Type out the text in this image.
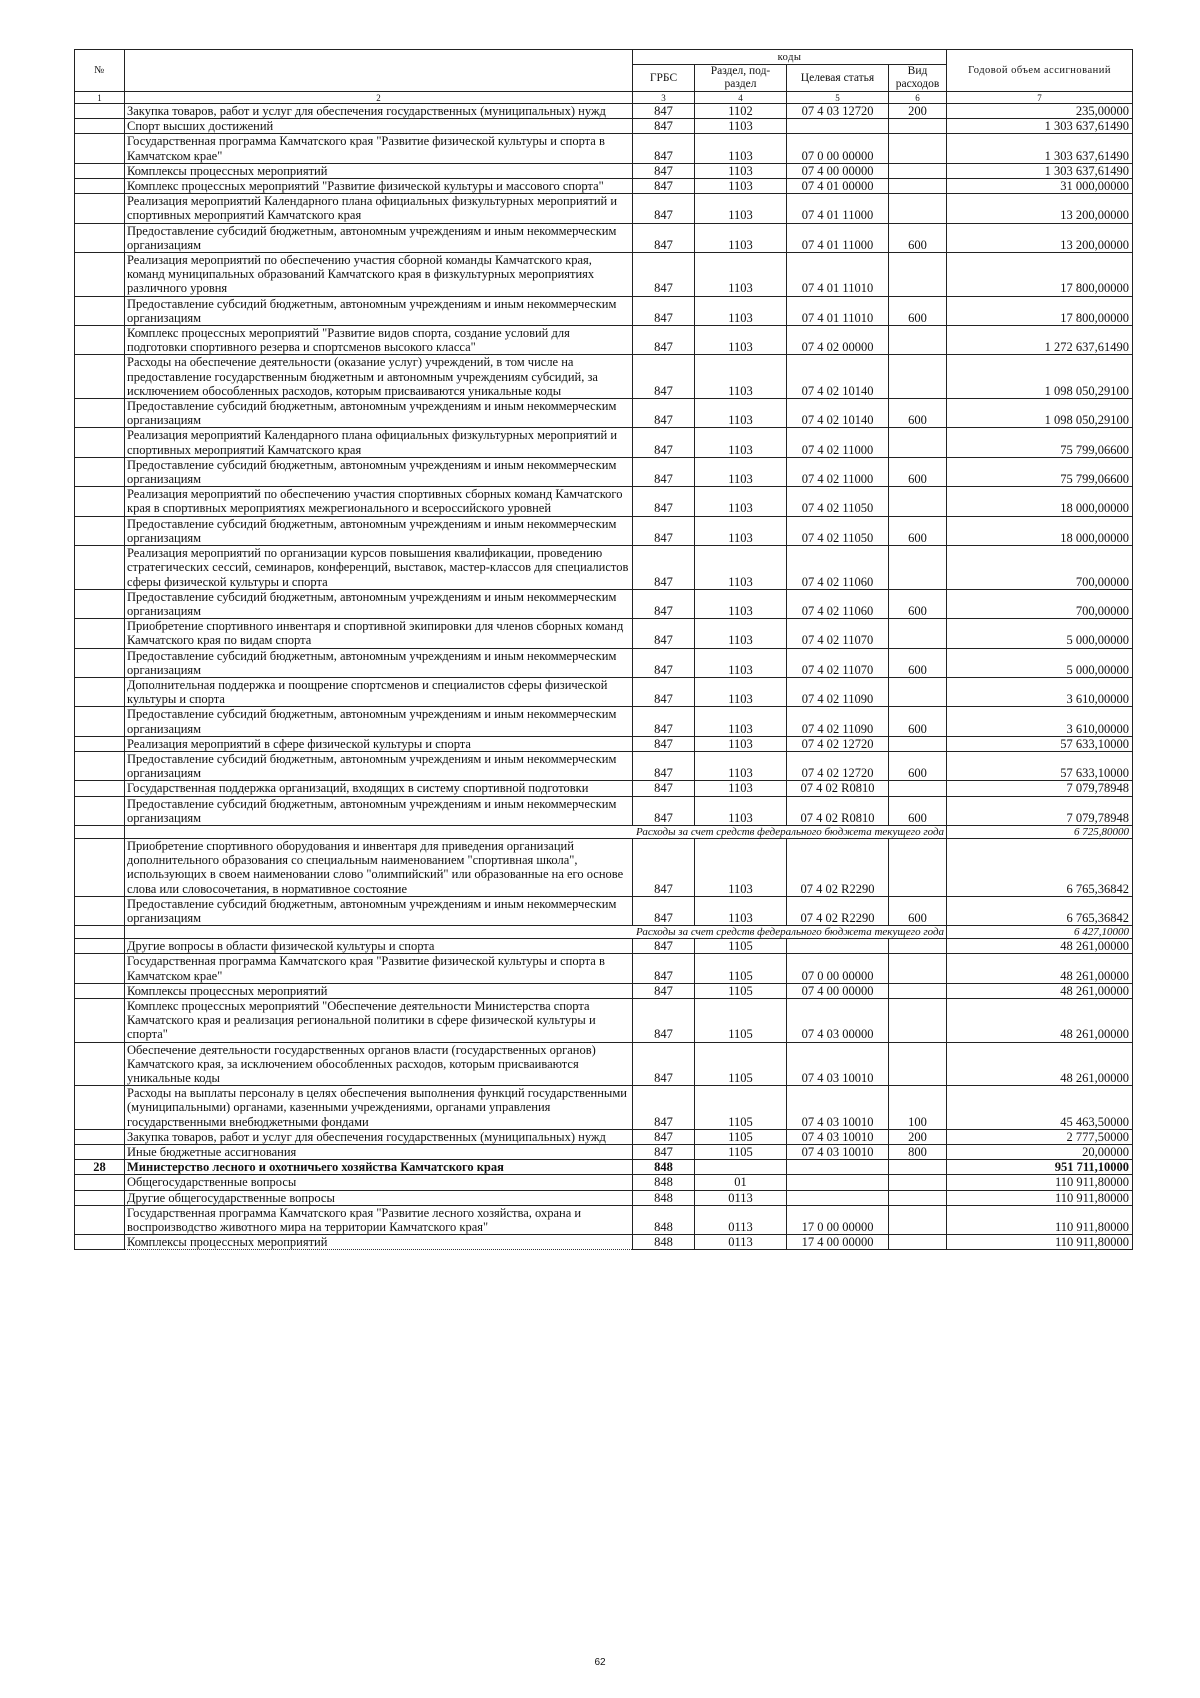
№		коды				Годовой объем ассигнований
		ГРБС	Раздел, под-раздел	Целевая статья	Вид расходов	
1	2	3	4	5	6	7
	Закупка товаров, работ и услуг для обеспечения государственных (муниципальных) нужд	847	1102	07 4 03 12720	200	235,00000
	Спорт высших достижений	847	1103			1 303 637,61490
	Государственная программа Камчатского края "Развитие физической культуры и спорта в Камчатском крае"	847	1103	07 0 00 00000		1 303 637,61490
	Комплексы процессных мероприятий	847	1103	07 4 00 00000		1 303 637,61490
	Комплекс процессных мероприятий "Развитие физической культуры и массового спорта"	847	1103	07 4 01 00000		31 000,00000
	Реализация мероприятий Календарного плана официальных физкультурных мероприятий и спортивных мероприятий Камчатского края	847	1103	07 4 01 11000		13 200,00000
	Предоставление субсидий бюджетным, автономным учреждениям и иным некоммерческим организациям	847	1103	07 4 01 11000	600	13 200,00000
	Реализация мероприятий по обеспечению участия сборной команды Камчатского края, команд муниципальных образований Камчатского края в физкультурных мероприятиях различного уровня	847	1103	07 4 01 11010		17 800,00000
	Предоставление субсидий бюджетным, автономным учреждениям и иным некоммерческим организациям	847	1103	07 4 01 11010	600	17 800,00000
	Комплекс процессных мероприятий "Развитие видов спорта, создание условий для подготовки спортивного резерва и спортсменов высокого класса"	847	1103	07 4 02 00000		1 272 637,61490
	Расходы на обеспечение деятельности (оказание услуг) учреждений, в том числе на предоставление государственным бюджетным и автономным учреждениям субсидий, за исключением обособленных расходов, которым присваиваются уникальные коды	847	1103	07 4 02 10140		1 098 050,29100
	Предоставление субсидий бюджетным, автономным учреждениям и иным некоммерческим организациям	847	1103	07 4 02 10140	600	1 098 050,29100
	Реализация мероприятий Календарного плана официальных физкультурных мероприятий и спортивных мероприятий Камчатского края	847	1103	07 4 02 11000		75 799,06600
	Предоставление субсидий бюджетным, автономным учреждениям и иным некоммерческим организациям	847	1103	07 4 02 11000	600	75 799,06600
	Реализация мероприятий по обеспечению участия спортивных сборных команд Камчатского края в спортивных мероприятиях межрегионального и всероссийского уровней	847	1103	07 4 02 11050		18 000,00000
	Предоставление субсидий бюджетным, автономным учреждениям и иным некоммерческим организациям	847	1103	07 4 02 11050	600	18 000,00000
	Реализация мероприятий по организации курсов повышения квалификации, проведению стратегических сессий, семинаров, конференций, выставок, мастер-классов для специалистов сферы физической культуры и спорта	847	1103	07 4 02 11060		700,00000
	Предоставление субсидий бюджетным, автономным учреждениям и иным некоммерческим организациям	847	1103	07 4 02 11060	600	700,00000
	Приобретение спортивного инвентаря и спортивной экипировки для членов сборных команд Камчатского края по видам спорта	847	1103	07 4 02 11070		5 000,00000
	Предоставление субсидий бюджетным, автономным учреждениям и иным некоммерческим организациям	847	1103	07 4 02 11070	600	5 000,00000
	Дополнительная поддержка и поощрение спортсменов и специалистов сферы физической культуры и спорта	847	1103	07 4 02 11090		3 610,00000
	Предоставление субсидий бюджетным, автономным учреждениям и иным некоммерческим организациям	847	1103	07 4 02 11090	600	3 610,00000
	Реализация мероприятий в сфере физической культуры и спорта	847	1103	07 4 02 12720		57 633,10000
	Предоставление субсидий бюджетным, автономным учреждениям и иным некоммерческим организациям	847	1103	07 4 02 12720	600	57 633,10000
	Государственная поддержка организаций, входящих в систему спортивной подготовки	847	1103	07 4 02 R0810		7 079,78948
	Предоставление субсидий бюджетным, автономным учреждениям и иным некоммерческим организациям	847	1103	07 4 02 R0810	600	7 079,78948
	Расходы за счет средств федерального бюджета текущего года					6 725,80000
	Приобретение спортивного оборудования и инвентаря для приведения организаций дополнительного образования со специальным наименованием "спортивная школа", использующих в своем наименовании слово "олимпийский" или образованные на его основе слова или словосочетания, в нормативное состояние	847	1103	07 4 02 R2290		6 765,36842
	Предоставление субсидий бюджетным, автономным учреждениям и иным некоммерческим организациям	847	1103	07 4 02 R2290	600	6 765,36842
	Расходы за счет средств федерального бюджета текущего года					6 427,10000
	Другие вопросы в области физической культуры и спорта	847	1105			48 261,00000
	Государственная программа Камчатского края "Развитие физической культуры и спорта в Камчатском крае"	847	1105	07 0 00 00000		48 261,00000
	Комплексы процессных мероприятий	847	1105	07 4 00 00000		48 261,00000
	Комплекс процессных мероприятий "Обеспечение деятельности Министерства спорта Камчатского края и реализация региональной политики в сфере физической культуры и спорта"	847	1105	07 4 03 00000		48 261,00000
	Обеспечение деятельности государственных органов власти (государственных органов) Камчатского края, за исключением обособленных расходов, которым присваиваются уникальные коды	847	1105	07 4 03 10010		48 261,00000
	Расходы на выплаты персоналу в целях обеспечения выполнения функций государственными (муниципальными) органами, казенными учреждениями, органами управления государственными внебюджетными фондами	847	1105	07 4 03 10010	100	45 463,50000
	Закупка товаров, работ и услуг для обеспечения государственных (муниципальных) нужд	847	1105	07 4 03 10010	200	2 777,50000
	Иные бюджетные ассигнования	847	1105	07 4 03 10010	800	20,00000
28	Министерство лесного и охотничьего хозяйства Камчатского края	848				951 711,10000
	Общегосударственные вопросы	848	01			110 911,80000
	Другие общегосударственные вопросы	848	0113			110 911,80000
	Государственная программа Камчатского края "Развитие лесного хозяйства, охрана и воспроизводство животного мира на территории Камчатского края"	848	0113	17 0 00 00000		110 911,80000
	Комплексы процессных мероприятий	848	0113	17 4 00 00000		110 911,80000
62
